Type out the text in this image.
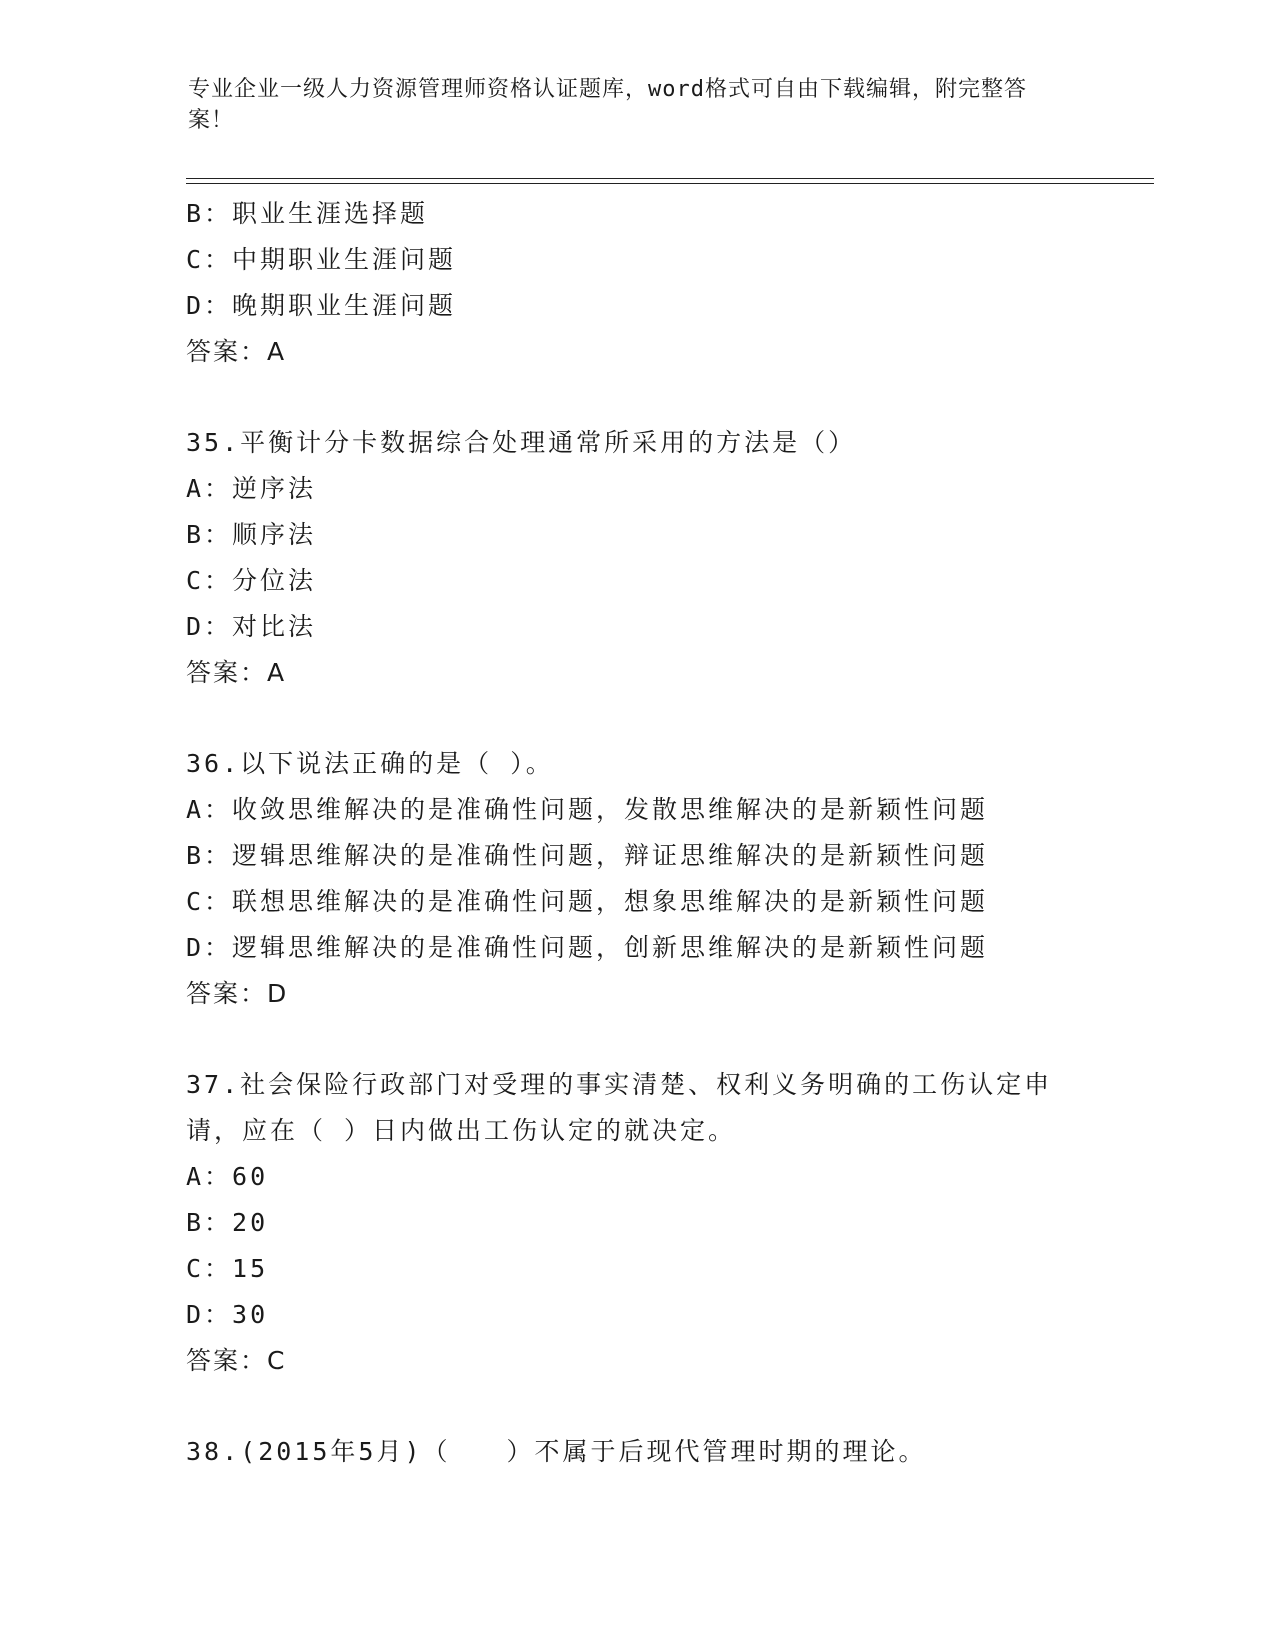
专业企业一级人力资源管理师资格认证题库，word格式可自由下载编辑，附完整答案！
B：职业生涯选择题
C：中期职业生涯问题
D：晚期职业生涯问题
答案：A
35.平衡计分卡数据综合处理通常所采用的方法是（）
A：逆序法
B：顺序法
C：分位法
D：对比法
答案：A
36.以下说法正确的是（ ）。
A：收敛思维解决的是准确性问题，发散思维解决的是新颖性问题
B：逻辑思维解决的是准确性问题，辩证思维解决的是新颖性问题
C：联想思维解决的是准确性问题，想象思维解决的是新颖性问题
D：逻辑思维解决的是准确性问题，创新思维解决的是新颖性问题
答案：D
37.社会保险行政部门对受理的事实清楚、权利义务明确的工伤认定申请，应在（ ）日内做出工伤认定的就决定。
A：60
B：20
C：15
D：30
答案：C
38.(2015年5月)（　　）不属于后现代管理时期的理论。
